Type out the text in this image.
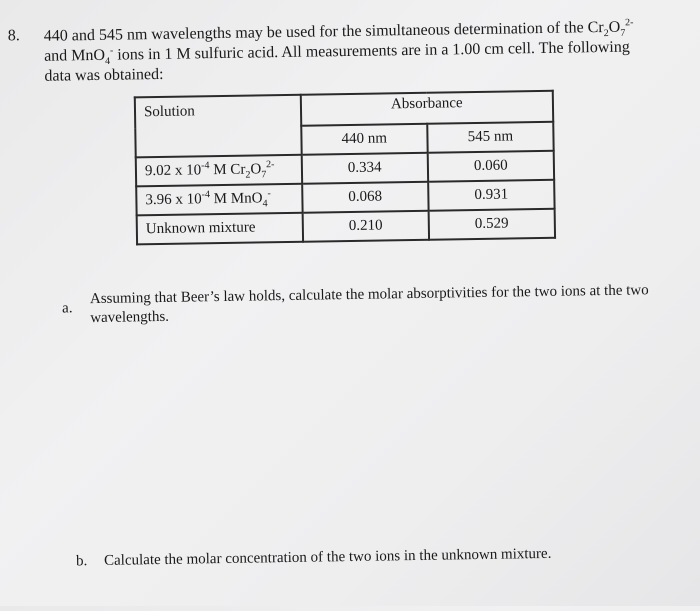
8. 440 and 545 nm wavelengths may be used for the simultaneous determination of the $Cr_2O_7^{2-}$
and MnO$_4$- ions in 1 M sulfuric acid. All measurements are in a 1.00 cm cell. The following
data was obtained:
Solution	Absorbance	
	440 nm	545 nm
9.02 x $10^{-4}$ M $Cr_2O_7^{2-}$	0.334	0.060
3.96 x $10^{-4}$ M MnO$_4$-	0.068	0.931
Unknown mixture	0.210	0.529
a.
Assuming that Beer’s law holds, calculate the molar absorptivities for the two ions at the two wavelengths.
b. Calculate the molar concentration of the two ions in the unknown mixture.
